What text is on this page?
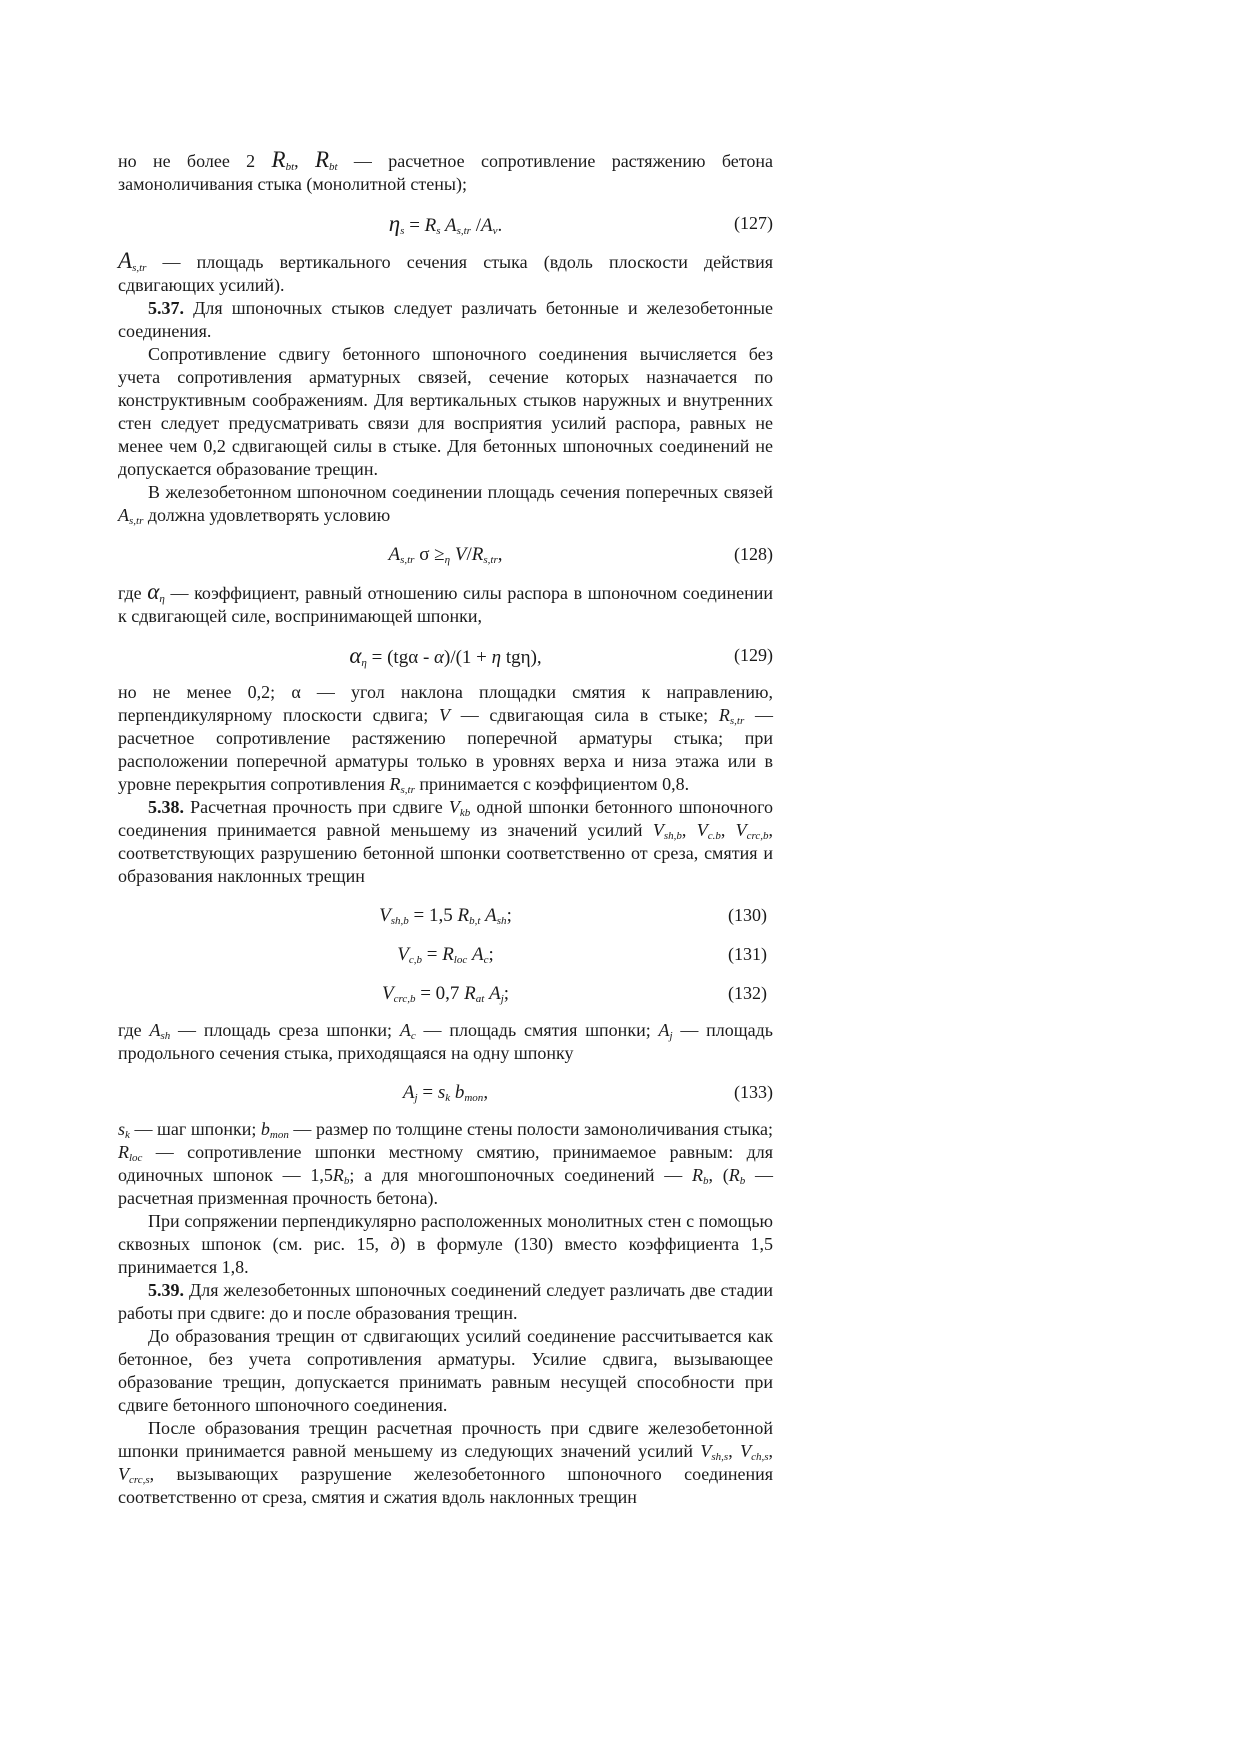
но не более 2 $R_{bt}$, $R_{bt}$ — расчетное сопротивление растяжению бетона замоноличивания стыка (монолитной стены);

$\eta_s = R_s$ $A_{s,tr}$ $/A_v$.	(127)

$A_{s,tr}$ — площадь вертикального сечения стыка (вдоль плоскости действия сдвигающих усилий).

5.37. Для шпоночных стыков следует различать бетонные и железобетонные соединения.

Сопротивление сдвигу бетонного шпоночного соединения вычисляется без учета сопротивления арматурных связей, сечение которых назначается по конструктивным соображениям. Для вертикальных стыков наружных и внутренних стен следует предусматривать связи для восприятия усилий распора, равных не менее чем 0,2 сдвигающей силы в стыке. Для бетонных шпоночных соединений не допускается образование трещин.

В железобетонном шпоночном соединении площадь сечения поперечных связей $A_{s,tr}$ должна удовлетворять условию

$A_{s,tr}$ $\sigma \ge_\eta$ $V/R_{s,tr}$,	(128)

где $\alpha_\eta$ — коэффициент, равный отношению силы распора в шпоночном соединении к сдвигающей силе, воспринимающей шпонки,

$\alpha_\eta = (tg\alpha - \alpha)/(1 + \eta$ tgη),	(129)

но не менее 0,2; α — угол наклона площадки смятия к направлению, перпендикулярному плоскости сдвига; V — сдвигающая сила в стыке; $R_{s,tr}$ — расчетное сопротивление растяжению поперечной арматуры стыка; при расположении поперечной арматуры только в уровнях верха и низа этажа или в уровне перекрытия сопротивления $R_{s,tr}$ принимается с коэффициентом 0,8.

5.38. Расчетная прочность при сдвиге $V_{kb}$ одной шпонки бетонного шпоночного соединения принимается равной меньшему из значений усилий $V_{sh,b}$, $V_{c.b}$, $V_{crc,b}$, соответствующих разрушению бетонной шпонки соответственно от среза, смятия и образования наклонных трещин

$V_{sh,b} = 1,5$ $R_{b,t}$ $A_{sh}$;	(130)
$V_{c,b} = R_{loc}$ $A_c$;	(131)
$V_{crc,b} = 0,7$ $R_{at}$ $A_j$;	(132)

где $A_{sh}$ — площадь среза шпонки; $A_c$ — площадь смятия шпонки; $A_j$ — площадь продольного сечения стыка, приходящаяся на одну шпонку

$A_j = s_k$ $b_{mon}$,	(133)

$s_k$ — шаг шпонки; $b_{mon}$ — размер по толщине стены полости замоноличивания стыка; $R_{loc}$ — сопротивление шпонки местному смятию, принимаемое равным: для одиночных шпонок — $1,5R_b$; а для многошпоночных соединений — $R_b$, ($R_b$ — расчетная призменная прочность бетона).

При сопряжении перпендикулярно расположенных монолитных стен с помощью сквозных шпонок (см. рис. 15, д) в формуле (130) вместо коэффициента 1,5 принимается 1,8.

5.39. Для железобетонных шпоночных соединений следует различать две стадии работы при сдвиге: до и после образования трещин.

До образования трещин от сдвигающих усилий соединение рассчитывается как бетонное, без учета сопротивления арматуры. Усилие сдвига, вызывающее образование трещин, допускается принимать равным несущей способности при сдвиге бетонного шпоночного соединения.

После образования трещин расчетная прочность при сдвиге железобетонной шпонки принимается равной меньшему из следующих значений усилий $V_{sh,s}$, $V_{ch,s}$, $V_{crc,s}$, вызывающих разрушение железобетонного шпоночного соединения соответственно от среза, смятия и сжатия вдоль наклонных трещин
